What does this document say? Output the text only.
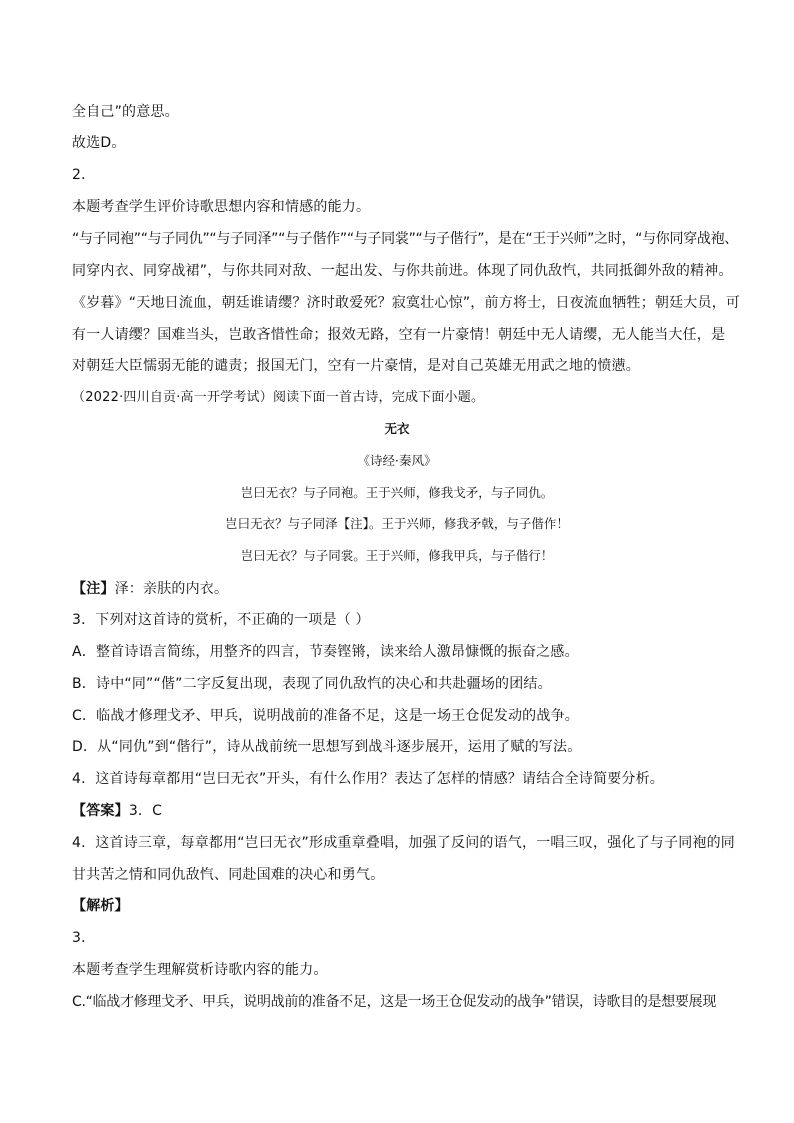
全自己”的意思。
故选D。
2．
本题考查学生评价诗歌思想内容和情感的能力。
“与子同袍”“与子同仇”“与子同泽”“与子偕作”“与子同裳”“与子偕行”，是在“王于兴师”之时，“与你同穿战袍、
同穿内衣、同穿战裙”，与你共同对敌、一起出发、与你共前进。体现了同仇敌忾，共同抵御外敌的精神。
《岁暮》“天地日流血，朝廷谁请缨？济时敢爱死？寂寞壮心惊”，前方将士，日夜流血牺牲；朝廷大员，可
有一人请缨？国难当头，岂敢吝惜性命；报效无路，空有一片豪情！朝廷中无人请缨，无人能当大任，是
对朝廷大臣懦弱无能的谴责；报国无门，空有一片豪情，是对自己英雄无用武之地的愤懑。
（2022·四川自贡·高一开学考试）阅读下面一首古诗，完成下面小题。
无衣
《诗经·秦风》
岂曰无衣？与子同袍。王于兴师，修我戈矛，与子同仇。
岂曰无衣？与子同泽【注】。王于兴师，修我矛戟，与子偕作！
岂曰无衣？与子同裳。王于兴师，修我甲兵，与子偕行！
【注】泽：亲肤的内衣。
3．下列对这首诗的赏析，不正确的一项是（ ）
A．整首诗语言简练，用整齐的四言，节奏铿锵，读来给人激昂慷慨的振奋之感。
B．诗中“同”“偕”二字反复出现，表现了同仇敌忾的决心和共赴疆场的团结。
C．临战才修理戈矛、甲兵，说明战前的准备不足，这是一场王仓促发动的战争。
D．从“同仇”到“偕行”，诗从战前统一思想写到战斗逐步展开，运用了赋的写法。
4．这首诗每章都用“岂曰无衣”开头，有什么作用？表达了怎样的情感？请结合全诗简要分析。
【答案】3．C
4．这首诗三章，每章都用“岂曰无衣”形成重章叠唱，加强了反问的语气，一唱三叹，强化了与子同袍的同
甘共苦之情和同仇敌忾、同赴国难的决心和勇气。
【解析】
3．
本题考查学生理解赏析诗歌内容的能力。
C.“临战才修理戈矛、甲兵，说明战前的准备不足，这是一场王仓促发动的战争”错误，诗歌目的是想要展现
